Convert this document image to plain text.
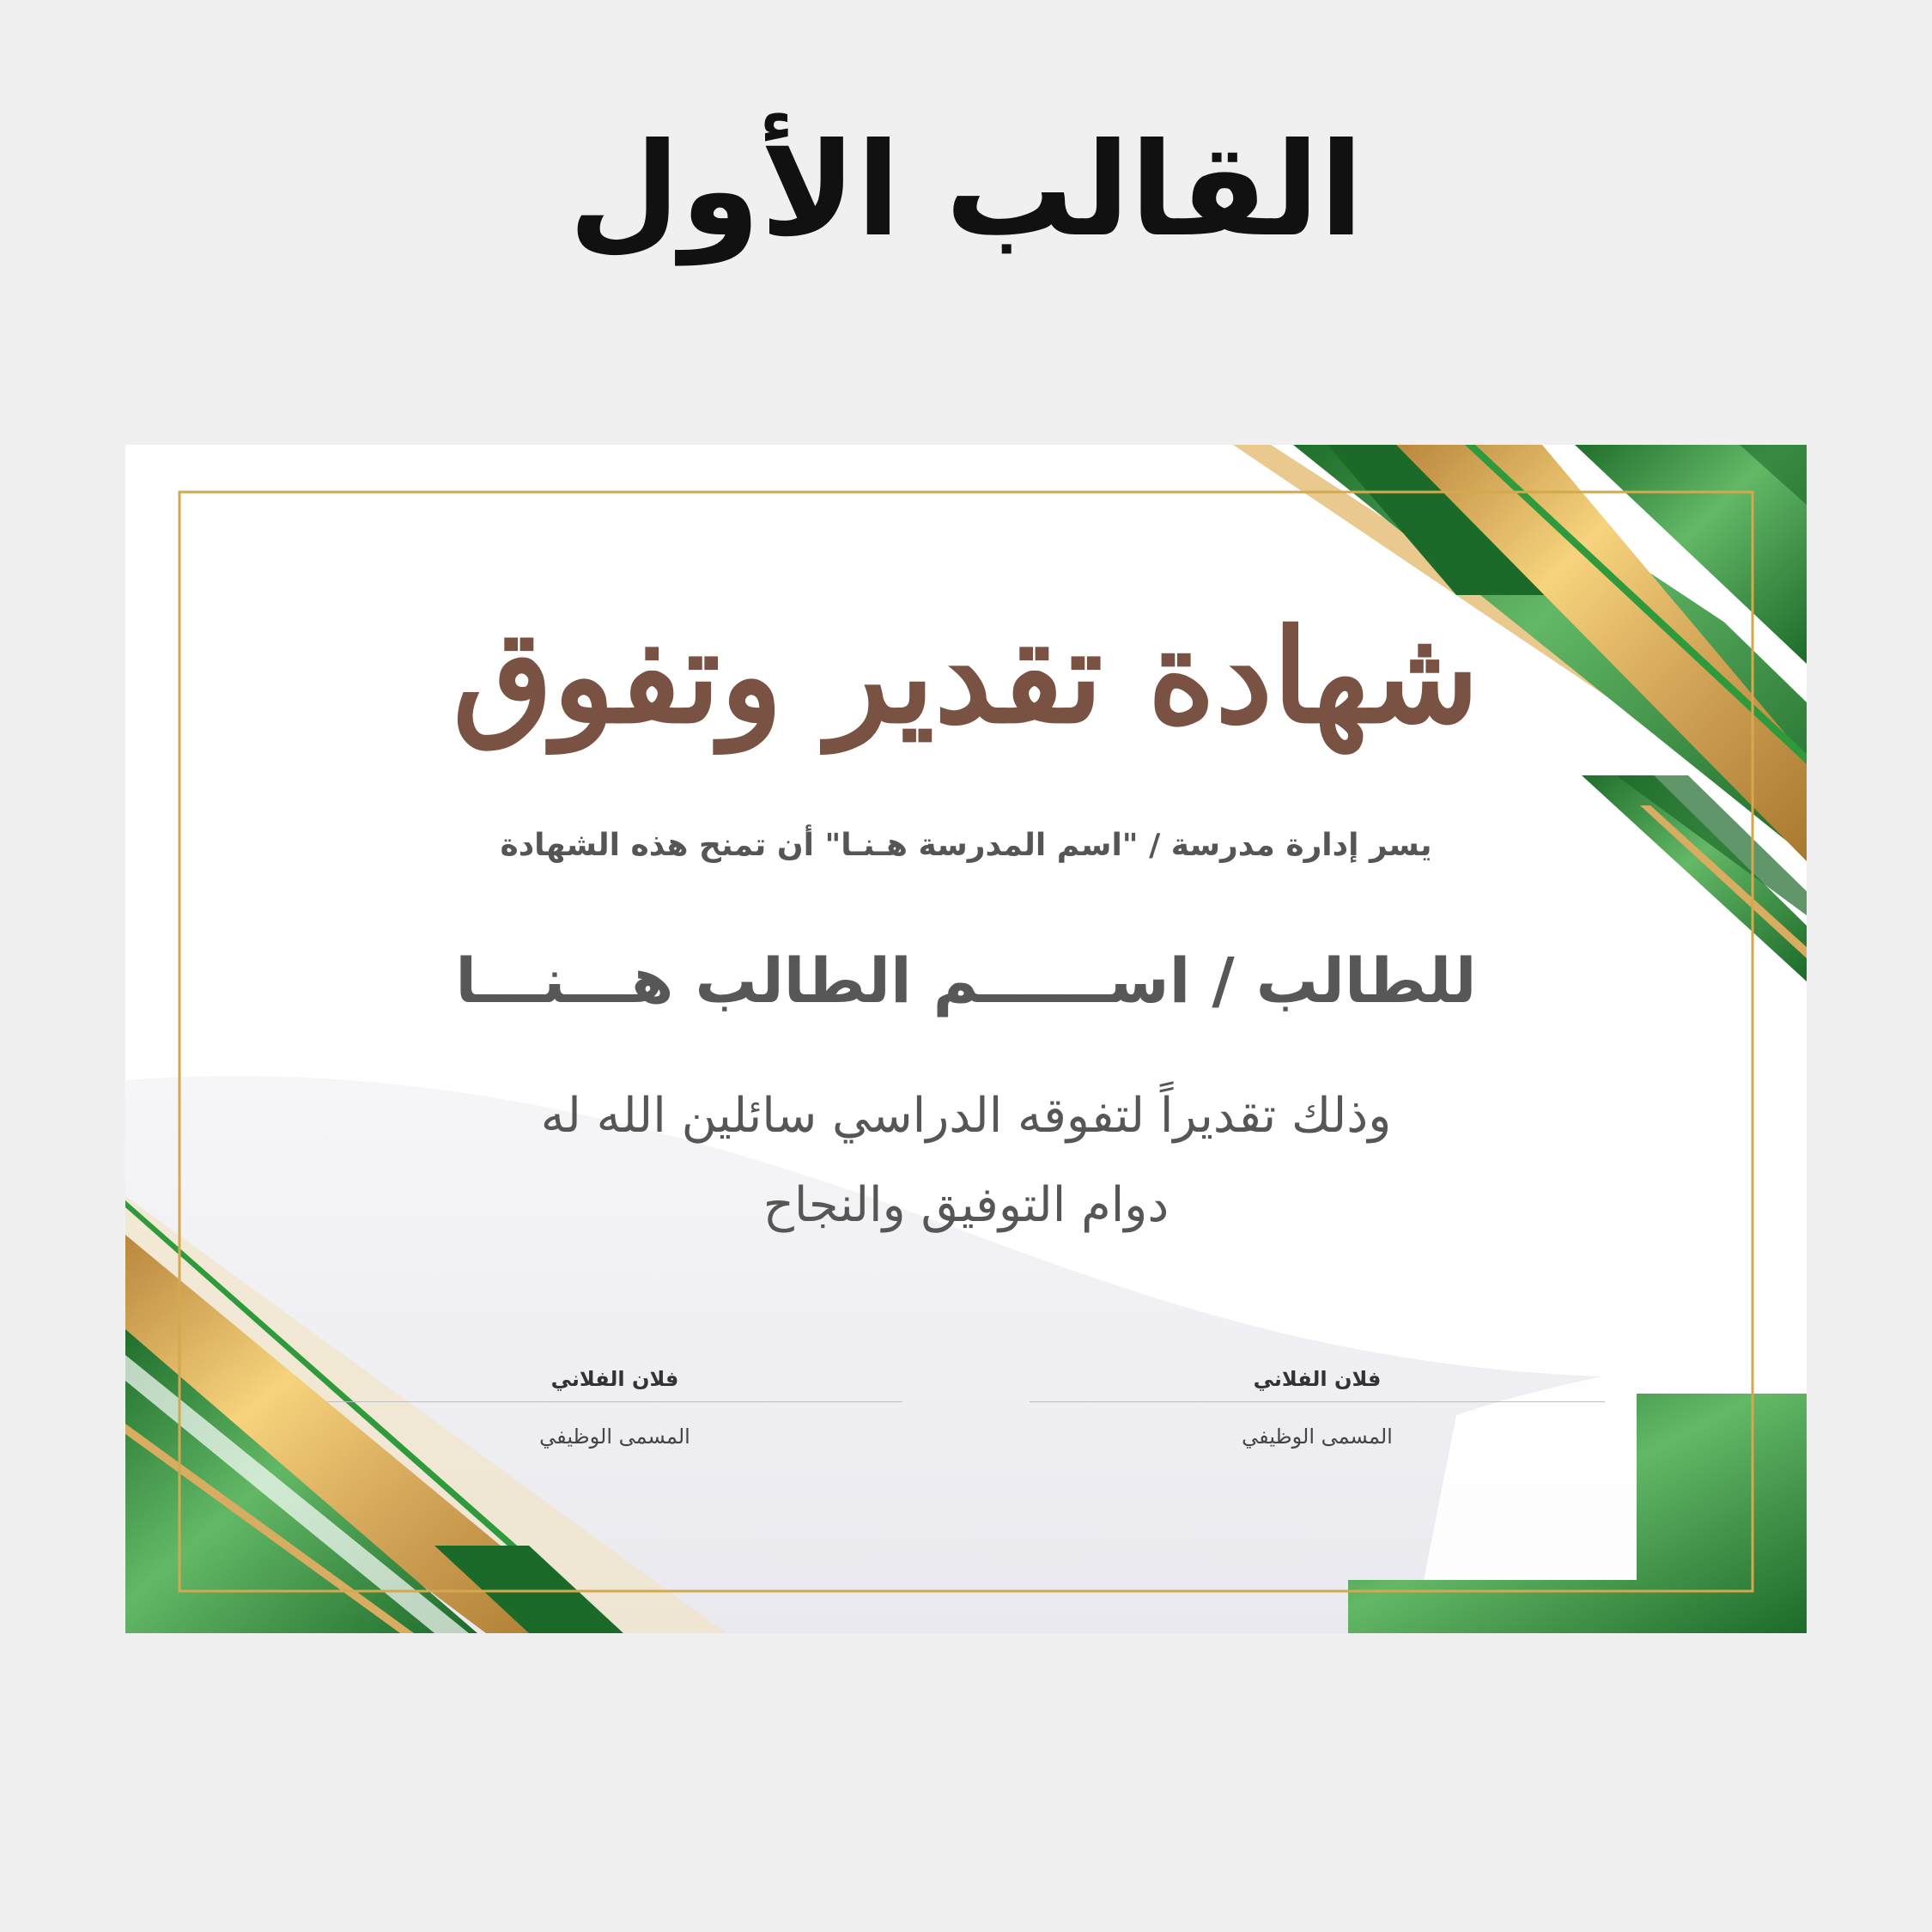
القالب الأول
شهادة تقدير وتفوق
يسر إدارة مدرسة / "اسم المدرسة هـنـا" أن تمنح هذه الشهادة
للطالب / اســــــم الطالب هـــنـــا
وذلك تقديراً لتفوقه الدراسي سائلين الله له
دوام التوفيق والنجاح
فلان الفلاني
المسمى الوظيفي
فلان الفلاني
المسمى الوظيفي
